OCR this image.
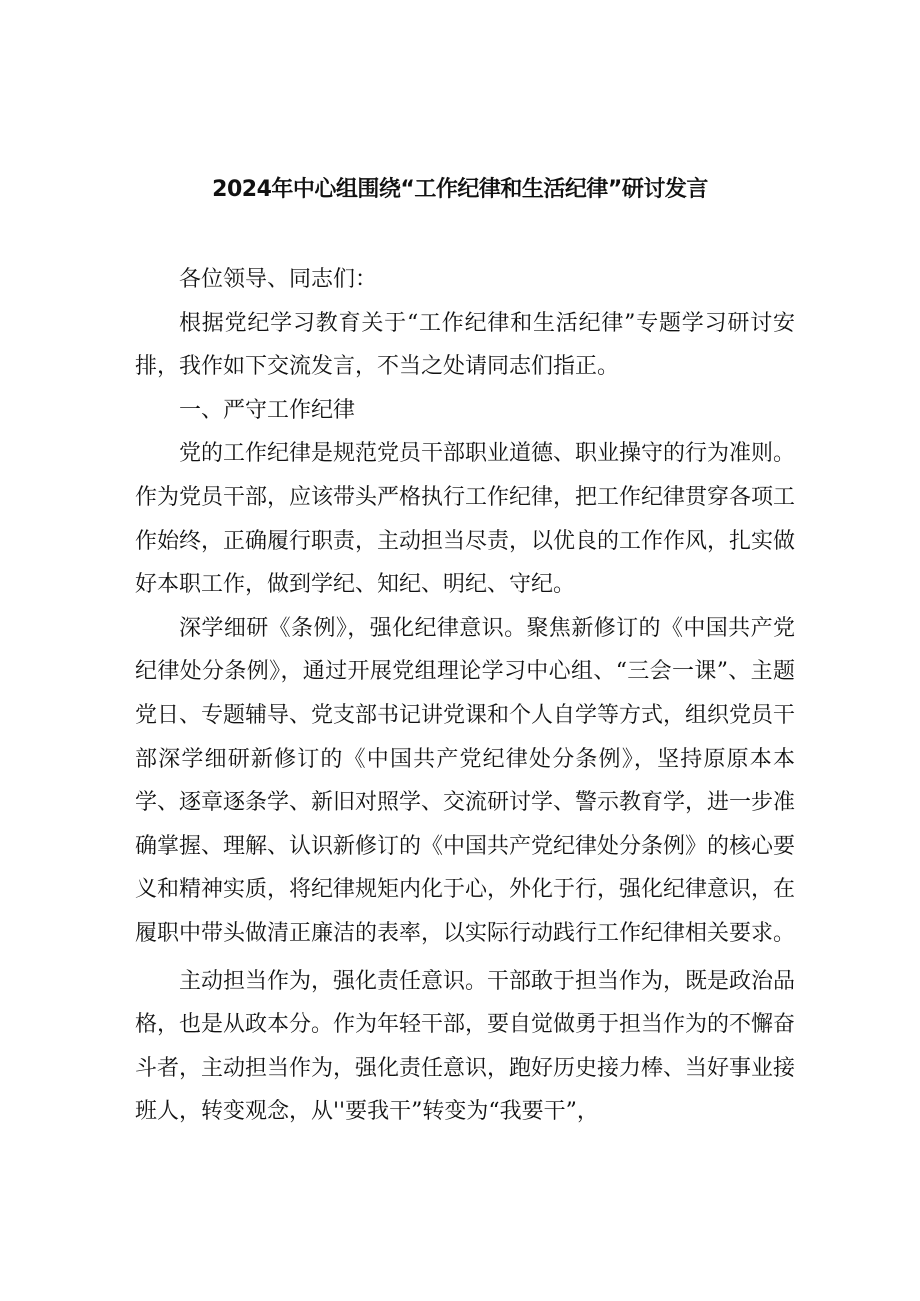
2024年中心组围绕“工作纪律和生活纪律”研讨发言

各位领导、同志们：

根据党纪学习教育关于“工作纪律和生活纪律”专题学习研讨安排，我作如下交流发言，不当之处请同志们指正。

一、严守工作纪律

党的工作纪律是规范党员干部职业道德、职业操守的行为准则。作为党员干部，应该带头严格执行工作纪律，把工作纪律贯穿各项工作始终，正确履行职责，主动担当尽责，以优良的工作作风，扎实做好本职工作，做到学纪、知纪、明纪、守纪。

深学细研《条例》，强化纪律意识。聚焦新修订的《中国共产党纪律处分条例》，通过开展党组理论学习中心组、“三会一课”、主题党日、专题辅导、党支部书记讲党课和个人自学等方式，组织党员干部深学细研新修订的《中国共产党纪律处分条例》，坚持原原本本学、逐章逐条学、新旧对照学、交流研讨学、警示教育学，进一步准确掌握、理解、认识新修订的《中国共产党纪律处分条例》的核心要义和精神实质，将纪律规矩内化于心，外化于行，强化纪律意识，在履职中带头做清正廉洁的表率，以实际行动践行工作纪律相关要求。

主动担当作为，强化责任意识。干部敢于担当作为，既是政治品格，也是从政本分。作为年轻干部，要自觉做勇于担当作为的不懈奋斗者，主动担当作为，强化责任意识，跑好历史接力棒、当好事业接班人，转变观念，从''要我干”转变为“我要干”，
